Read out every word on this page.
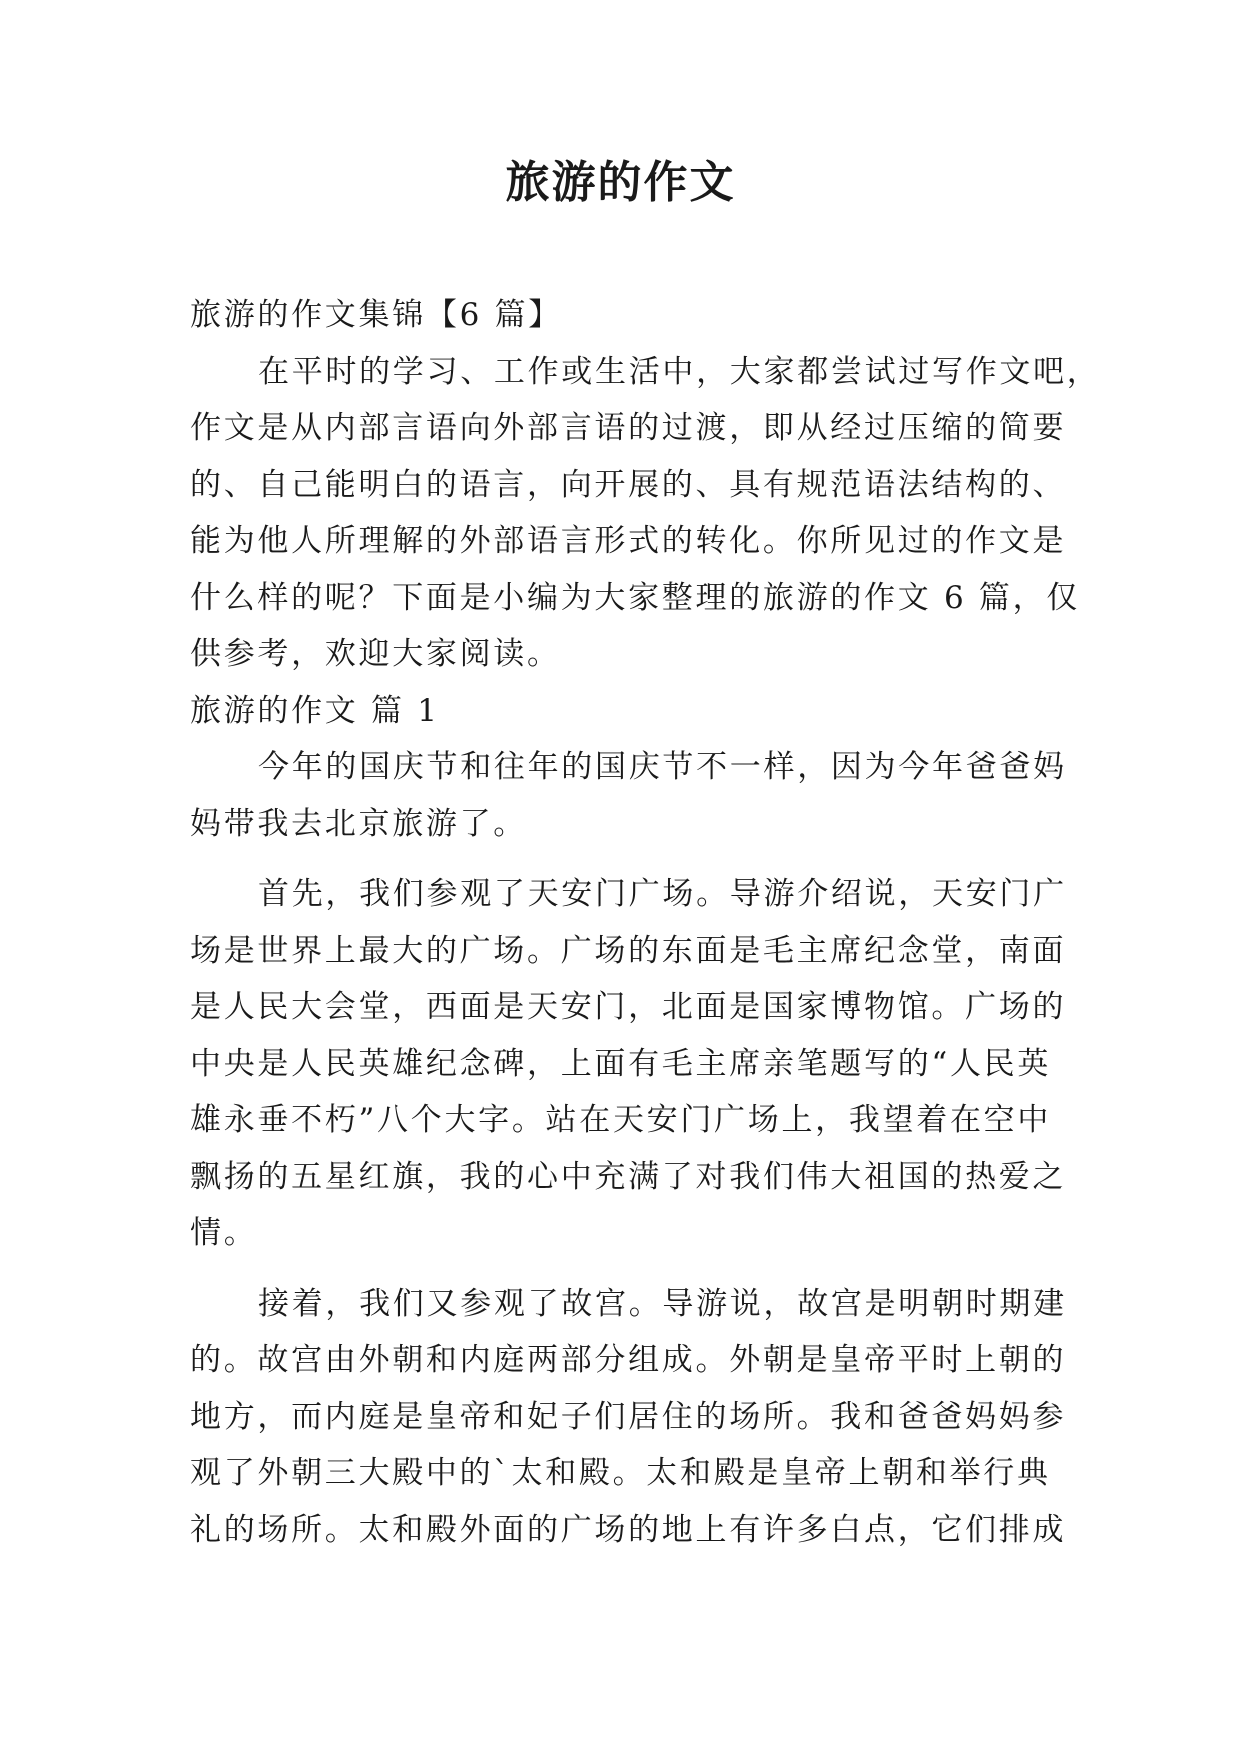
旅游的作文
旅游的作文集锦【6 篇】
在平时的学习、工作或生活中，大家都尝试过写作文吧，
作文是从内部言语向外部言语的过渡，即从经过压缩的简要
的、自己能明白的语言，向开展的、具有规范语法结构的、
能为他人所理解的外部语言形式的转化。你所见过的作文是
什么样的呢？下面是小编为大家整理的旅游的作文 6 篇，仅
供参考，欢迎大家阅读。
旅游的作文 篇 1
今年的国庆节和往年的国庆节不一样，因为今年爸爸妈
妈带我去北京旅游了。
首先，我们参观了天安门广场。导游介绍说，天安门广
场是世界上最大的广场。广场的东面是毛主席纪念堂，南面
是人民大会堂，西面是天安门，北面是国家博物馆。广场的
中央是人民英雄纪念碑，上面有毛主席亲笔题写的“人民英
雄永垂不朽”八个大字。站在天安门广场上，我望着在空中
飘扬的五星红旗，我的心中充满了对我们伟大祖国的热爱之
情。
接着，我们又参观了故宫。导游说，故宫是明朝时期建
的。故宫由外朝和内庭两部分组成。外朝是皇帝平时上朝的
地方，而内庭是皇帝和妃子们居住的场所。我和爸爸妈妈参
观了外朝三大殿中的`太和殿。太和殿是皇帝上朝和举行典
礼的场所。太和殿外面的广场的地上有许多白点，它们排成
